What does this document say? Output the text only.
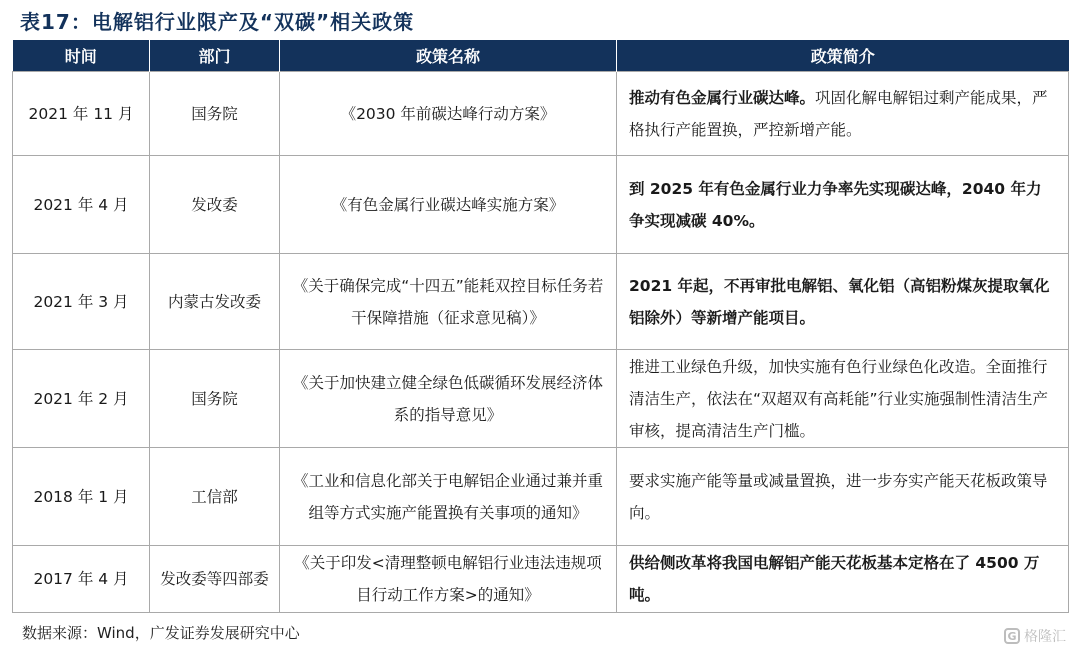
表17：电解铝行业限产及“双碳”相关政策
时间	部门	政策名称	政策简介
2021 年 11 月	国务院	《2030 年前碳达峰行动方案》	推动有色金属行业碳达峰。巩固化解电解铝过剩产能成果，严格执行产能置换，严控新增产能。
2021 年 4 月	发改委	《有色金属行业碳达峰实施方案》	到 2025 年有色金属行业力争率先实现碳达峰，2040 年力争实现减碳 40%。
2021 年 3 月	内蒙古发改委	《关于确保完成“十四五”能耗双控目标任务若干保障措施（征求意见稿）》	2021 年起，不再审批电解铝、氧化铝（高铝粉煤灰提取氧化铝除外）等新增产能项目。
2021 年 2 月	国务院	《关于加快建立健全绿色低碳循环发展经济体系的指导意见》	推进工业绿色升级，加快实施有色行业绿色化改造。全面推行清洁生产，依法在“双超双有高耗能”行业实施强制性清洁生产审核，提高清洁生产门槛。
2018 年 1 月	工信部	《工业和信息化部关于电解铝企业通过兼并重组等方式实施产能置换有关事项的通知》	要求实施产能等量或减量置换，进一步夯实产能天花板政策导向。
2017 年 4 月	发改委等四部委	《关于印发<清理整顿电解铝行业违法违规项目行动工作方案>的通知》	供给侧改革将我国电解铝产能天花板基本定格在了 4500 万吨。
数据来源：Wind，广发证券发展研究中心	G 格隆汇
